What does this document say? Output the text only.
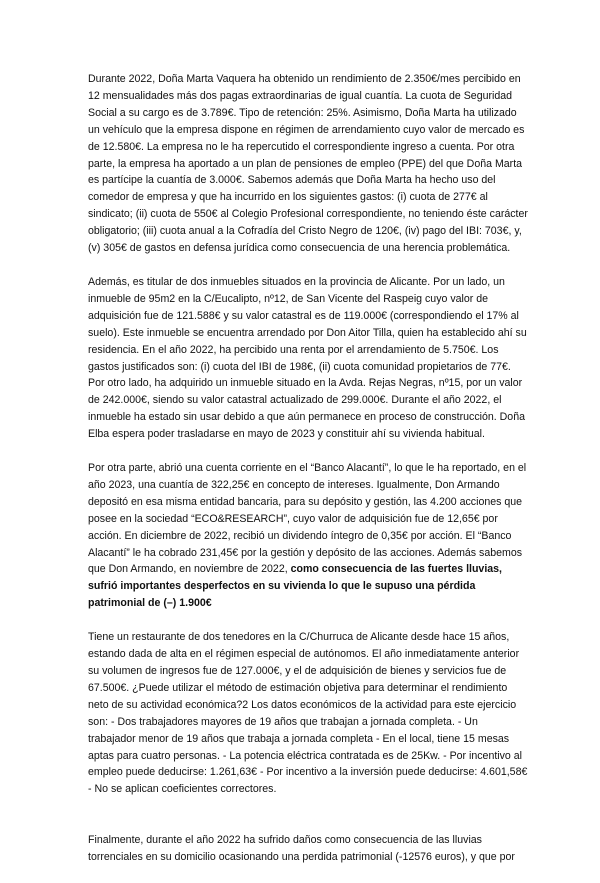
Durante 2022, Doña Marta Vaquera ha obtenido un rendimiento de 2.350€/mes percibido en 12 mensualidades más dos pagas extraordinarias de igual cuantía. La cuota de Seguridad Social a su cargo es de 3.789€. Tipo de retención: 25%. Asimismo, Doña Marta ha utilizado un vehículo que la empresa dispone en régimen de arrendamiento cuyo valor de mercado es de 12.580€. La empresa no le ha repercutido el correspondiente ingreso a cuenta. Por otra parte, la empresa ha aportado a un plan de pensiones de empleo (PPE) del que Doña Marta es partícipe la cuantía de 3.000€. Sabemos además que Doña Marta ha hecho uso del comedor de empresa y que ha incurrido en los siguientes gastos: (i) cuota de 277€ al sindicato; (ii) cuota de 550€ al Colegio Profesional correspondiente, no teniendo éste carácter obligatorio; (iii) cuota anual a la Cofradía del Cristo Negro de 120€, (iv) pago del IBI: 703€, y, (v) 305€ de gastos en defensa jurídica como consecuencia de una herencia problemática.

Además, es titular de dos inmuebles situados en la provincia de Alicante. Por un lado, un inmueble de 95m2 en la C/Eucalipto, nº12, de San Vicente del Raspeig cuyo valor de adquisición fue de 121.588€ y su valor catastral es de 119.000€ (correspondiendo el 17% al suelo). Este inmueble se encuentra arrendado por Don Aitor Tilla, quien ha establecido ahí su residencia. En el año 2022, ha percibido una renta por el arrendamiento de 5.750€. Los gastos justificados son: (i) cuota del IBI de 198€, (ii) cuota comunidad propietarios de 77€. Por otro lado, ha adquirido un inmueble situado en la Avda. Rejas Negras, nº15, por un valor de 242.000€, siendo su valor catastral actualizado de 299.000€. Durante el año 2022, el inmueble ha estado sin usar debido a que aún permanece en proceso de construcción. Doña Elba espera poder trasladarse en mayo de 2023 y constituir ahí su vivienda habitual.

Por otra parte, abrió una cuenta corriente en el “Banco Alacantí”, lo que le ha reportado, en el año 2023, una cuantía de 322,25€ en concepto de intereses. Igualmente, Don Armando depositó en esa misma entidad bancaria, para su depósito y gestión, las 4.200 acciones que posee en la sociedad “ECO&RESEARCH”, cuyo valor de adquisición fue de 12,65€ por acción. En diciembre de 2022, recibió un dividendo íntegro de 0,35€ por acción. El “Banco Alacantí” le ha cobrado 231,45€ por la gestión y depósito de las acciones. Además sabemos que Don Armando, en noviembre de 2022, como consecuencia de las fuertes lluvias, sufrió importantes desperfectos en su vivienda lo que le supuso una pérdida patrimonial de (–) 1.900€

Tiene un restaurante de dos tenedores en la C/Churruca de Alicante desde hace 15 años, estando dada de alta en el régimen especial de autónomos. El año inmediatamente anterior su volumen de ingresos fue de 127.000€, y el de adquisición de bienes y servicios fue de 67.500€. ¿Puede utilizar el método de estimación objetiva para determinar el rendimiento neto de su actividad económica?2 Los datos económicos de la actividad para este ejercicio son: - Dos trabajadores mayores de 19 años que trabajan a jornada completa. - Un trabajador menor de 19 años que trabaja a jornada completa - En el local, tiene 15 mesas aptas para cuatro personas. - La potencia eléctrica contratada es de 25Kw. - Por incentivo al empleo puede deducirse: 1.261,63€ - Por incentivo a la inversión puede deducirse: 4.601,58€ - No se aplican coeficientes correctores.

Finalmente, durante el año 2022 ha sufrido daños como consecuencia de las lluvias torrenciales en su domicilio ocasionando una perdida patrimonial (-12576 euros), y que por
